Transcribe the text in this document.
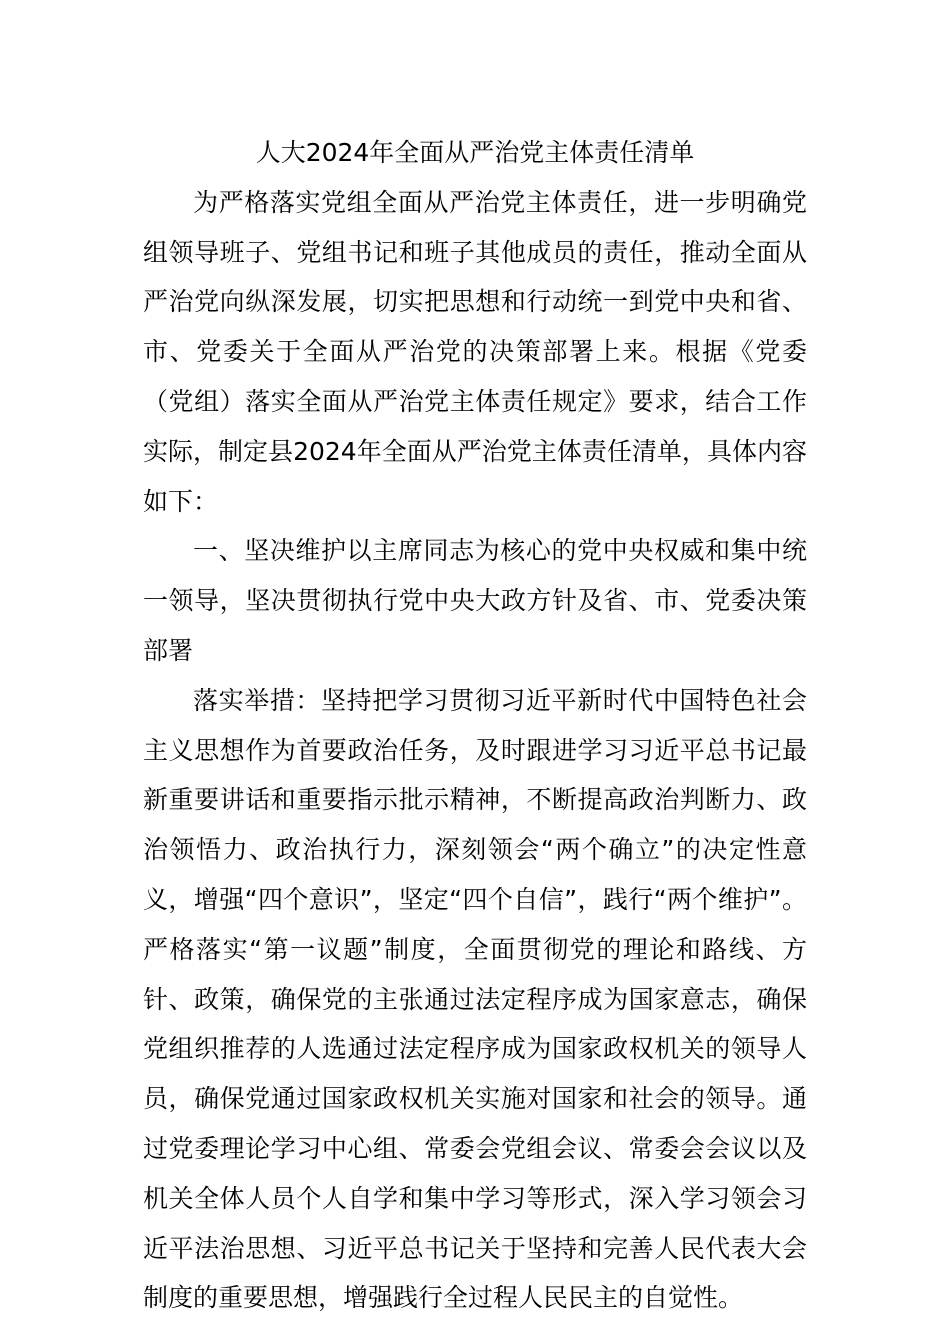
人大2024年全面从严治党主体责任清单

为严格落实党组全面从严治党主体责任，进一步明确党组领导班子、党组书记和班子其他成员的责任，推动全面从严治党向纵深发展，切实把思想和行动统一到党中央和省、市、党委关于全面从严治党的决策部署上来。根据《党委（党组）落实全面从严治党主体责任规定》要求，结合工作实际，制定县2024年全面从严治党主体责任清单，具体内容如下：

一、坚决维护以主席同志为核心的党中央权威和集中统一领导，坚决贯彻执行党中央大政方针及省、市、党委决策部署

落实举措：坚持把学习贯彻习近平新时代中国特色社会主义思想作为首要政治任务，及时跟进学习习近平总书记最新重要讲话和重要指示批示精神，不断提高政治判断力、政治领悟力、政治执行力，深刻领会“两个确立”的决定性意义，增强“四个意识”，坚定“四个自信”，践行“两个维护”。严格落实“第一议题”制度，全面贯彻党的理论和路线、方针、政策，确保党的主张通过法定程序成为国家意志，确保党组织推荐的人选通过法定程序成为国家政权机关的领导人员，确保党通过国家政权机关实施对国家和社会的领导。通过党委理论学习中心组、常委会党组会议、常委会会议以及机关全体人员个人自学和集中学习等形式，深入学习领会习近平法治思想、习近平总书记关于坚持和完善人民代表大会制度的重要思想，增强践行全过程人民民主的自觉性。
